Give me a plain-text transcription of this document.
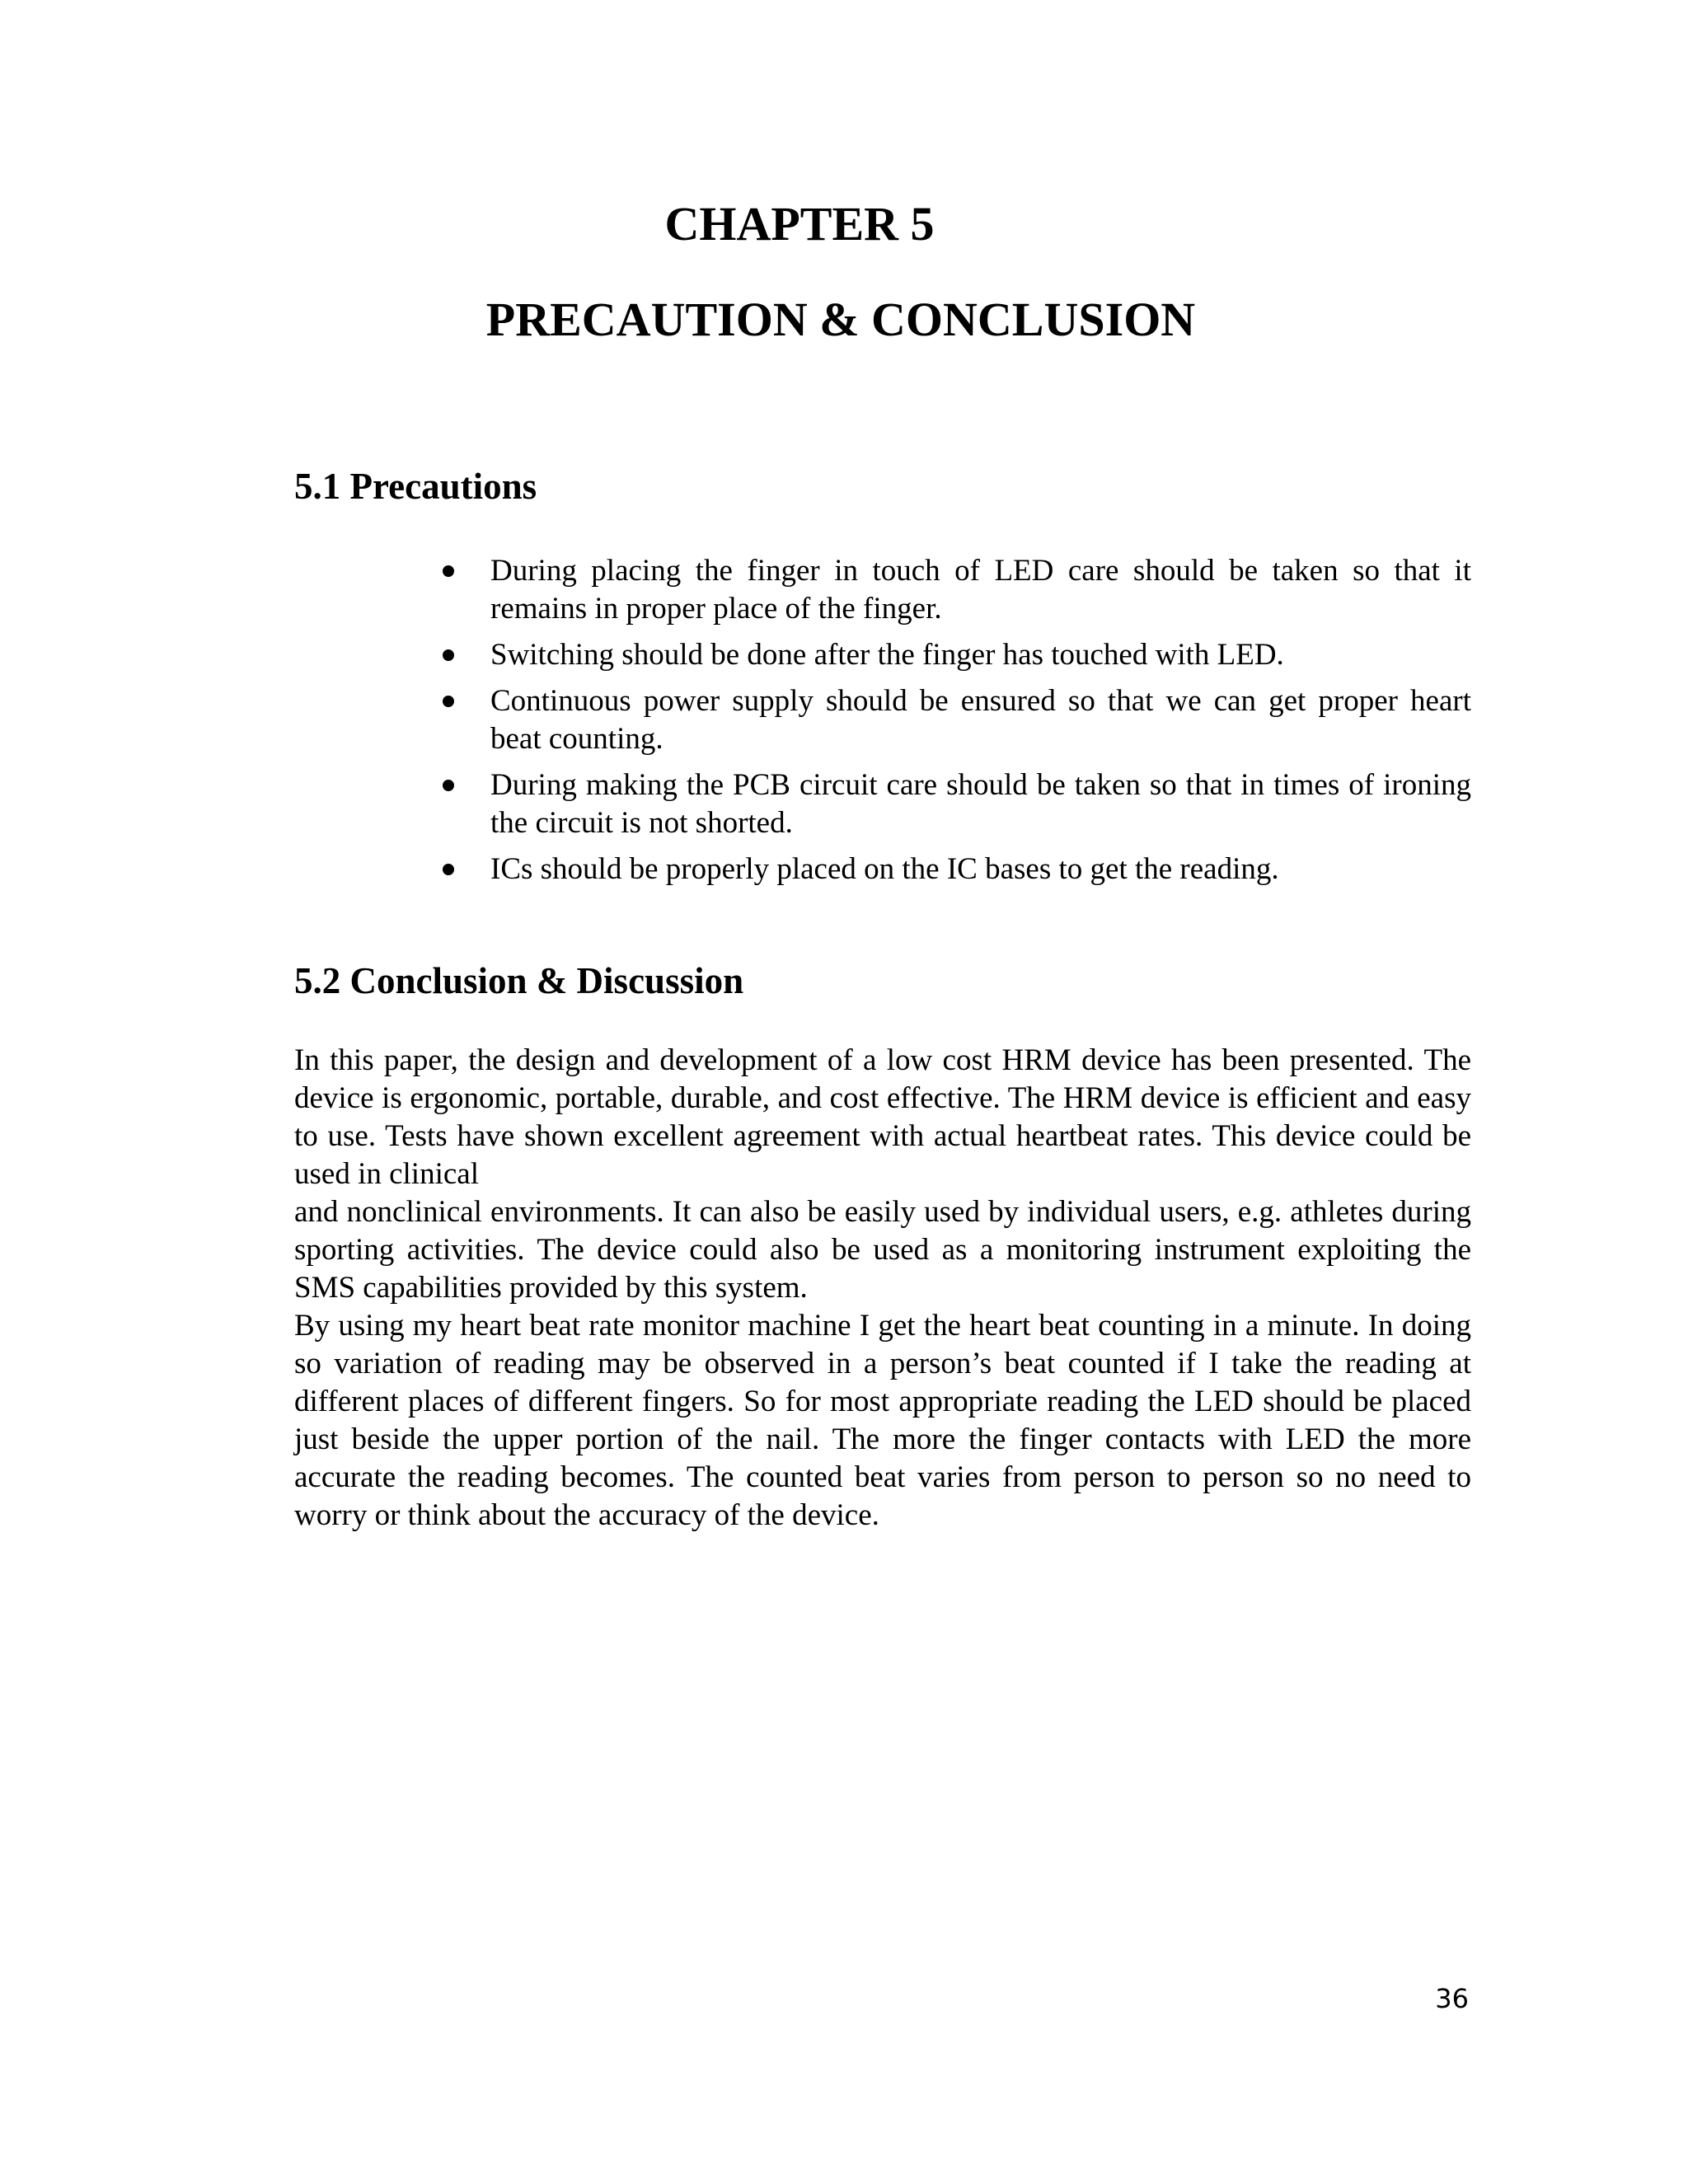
CHAPTER 5
PRECAUTION & CONCLUSION
5.1 Precautions
During placing the finger in touch of LED care should be taken so that it remains in proper place of the finger.
Switching should be done after the finger has touched with LED.
Continuous power supply should be ensured so that we can get proper heart beat counting.
During making the PCB circuit care should be taken so that in times of ironing the circuit is not shorted.
ICs should be properly placed on the IC bases to get the reading.
5.2 Conclusion & Discussion

In this paper, the design and development of a low cost HRM device has been presented. The device is ergonomic, portable, durable, and cost effective. The HRM device is efficient and easy to use. Tests have shown excellent agreement with actual heartbeat rates. This device could be used in clinical

and nonclinical environments. It can also be easily used by individual users, e.g. athletes during sporting activities. The device could also be used as a monitoring instrument exploiting the SMS capabilities provided by this system.

By using my heart beat rate monitor machine I get the heart beat counting in a minute. In doing so variation of reading may be observed in a person’s beat counted if I take the reading at different places of different fingers. So for most appropriate reading the LED should be placed just beside the upper portion of the nail. The more the finger contacts with LED the more accurate the reading becomes. The counted beat varies from person to person so no need to worry or think about the accuracy of the device.

36
